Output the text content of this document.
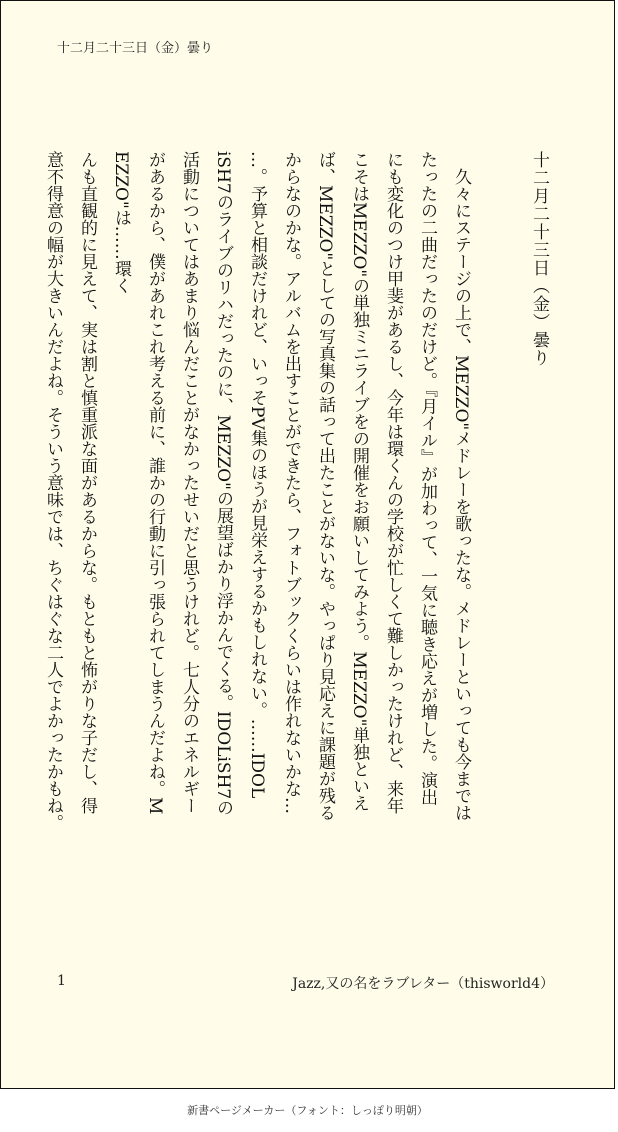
十二月二十三日（金）曇り
十二月二十三日（金）曇り
久々にステージの上で、MEZZO"メドレーを歌ったな。メドレーといっても今までは
たったの二曲だったのだけど。『月イル』が加わって、一気に聴き応えが増した。演出
にも変化のつけ甲斐があるし、今年は環くんの学校が忙しくて難しかったけれど、来年
こそはMEZZO"の単独ミニライブをの開催をお願いしてみよう。MEZZO"単独といえ
ば、MEZZO"としての写真集の話って出たことがないな。やっぱり見応えに課題が残る
からなのかな。アルバムを出すことができたら、フォトブックくらいは作れないかな…
…。予算と相談だけれど、いっそPV集のほうが見栄えするかもしれない。……IDOL
iSH7のライブのリハだったのに、MEZZO"の展望ばかり浮かんでくる。IDOLiSH7の
活動についてはあまり悩んだことがなかったせいだと思うけれど。七人分のエネルギー
があるから、僕があれこれ考える前に、誰かの行動に引っ張られてしまうんだよね。M
EZZO"は……環く
んも直観的に見えて、実は割と慎重派な面があるからな。もともと怖がりな子だし、得
意不得意の幅が大きいんだよね。そういう意味では、ちぐはぐな二人でよかったかもね。
1	Jazz,又の名をラブレター（thisworld4）
新書ページメーカー（フォント：しっぽり明朝）
